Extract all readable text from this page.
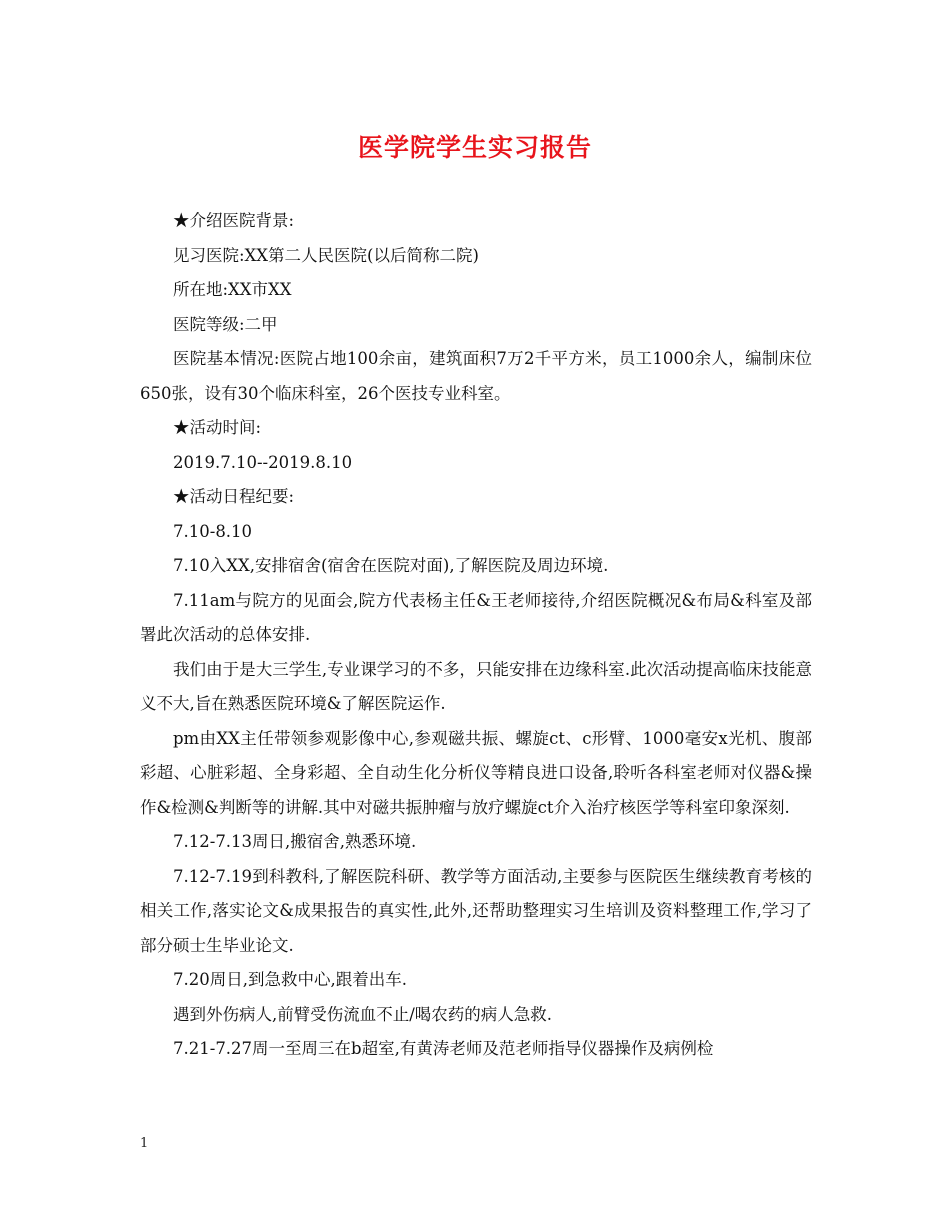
医学院学生实习报告

★介绍医院背景:

见习医院:XX第二人民医院(以后简称二院)

所在地:XX市XX

医院等级:二甲

医院基本情况:医院占地100余亩，建筑面积7万2千平方米，员工1000余人，编制床位650张，设有30个临床科室，26个医技专业科室。

★活动时间:

2019.7.10--2019.8.10

★活动日程纪要:

7.10-8.10

7.10入XX,安排宿舍(宿舍在医院对面),了解医院及周边环境.

7.11am与院方的见面会,院方代表杨主任&王老师接待,介绍医院概况&布局&科室及部署此次活动的总体安排.

我们由于是大三学生,专业课学习的不多，只能安排在边缘科室.此次活动提高临床技能意义不大,旨在熟悉医院环境&了解医院运作.

pm由XX主任带领参观影像中心,参观磁共振、螺旋ct、c形臂、1000毫安x光机、腹部彩超、心脏彩超、全身彩超、全自动生化分析仪等精良进口设备,聆听各科室老师对仪器&操作&检测&判断等的讲解.其中对磁共振肿瘤与放疗螺旋ct介入治疗核医学等科室印象深刻.

7.12-7.13周日,搬宿舍,熟悉环境.

7.12-7.19到科教科,了解医院科研、教学等方面活动,主要参与医院医生继续教育考核的相关工作,落实论文&成果报告的真实性,此外,还帮助整理实习生培训及资料整理工作,学习了部分硕士生毕业论文.

7.20周日,到急救中心,跟着出车.

遇到外伤病人,前臂受伤流血不止/喝农药的病人急救.

7.21-7.27周一至周三在b超室,有黄涛老师及范老师指导仪器操作及病例检

1
